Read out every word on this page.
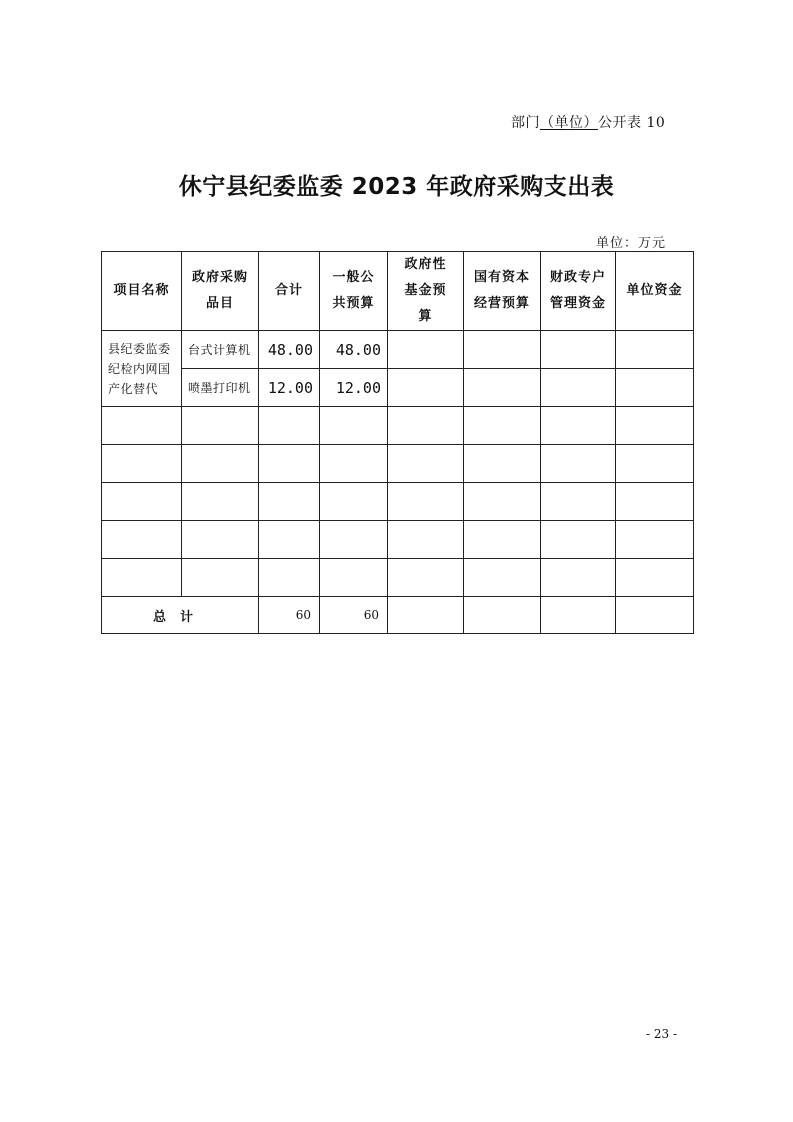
部门（单位）公开表 10
休宁县纪委监委 2023 年政府采购支出表
单位：万元
项目名称	政府采购品目	合计	一般公共预算	政府性基金预算	国有资本经营预算	财政专户管理资金	单位资金

县纪委监委纪检内网国产化替代	台式计算机	48.00	48.00				
	喷墨打印机	12.00	12.00				

总计		60	60				
- 23 -
